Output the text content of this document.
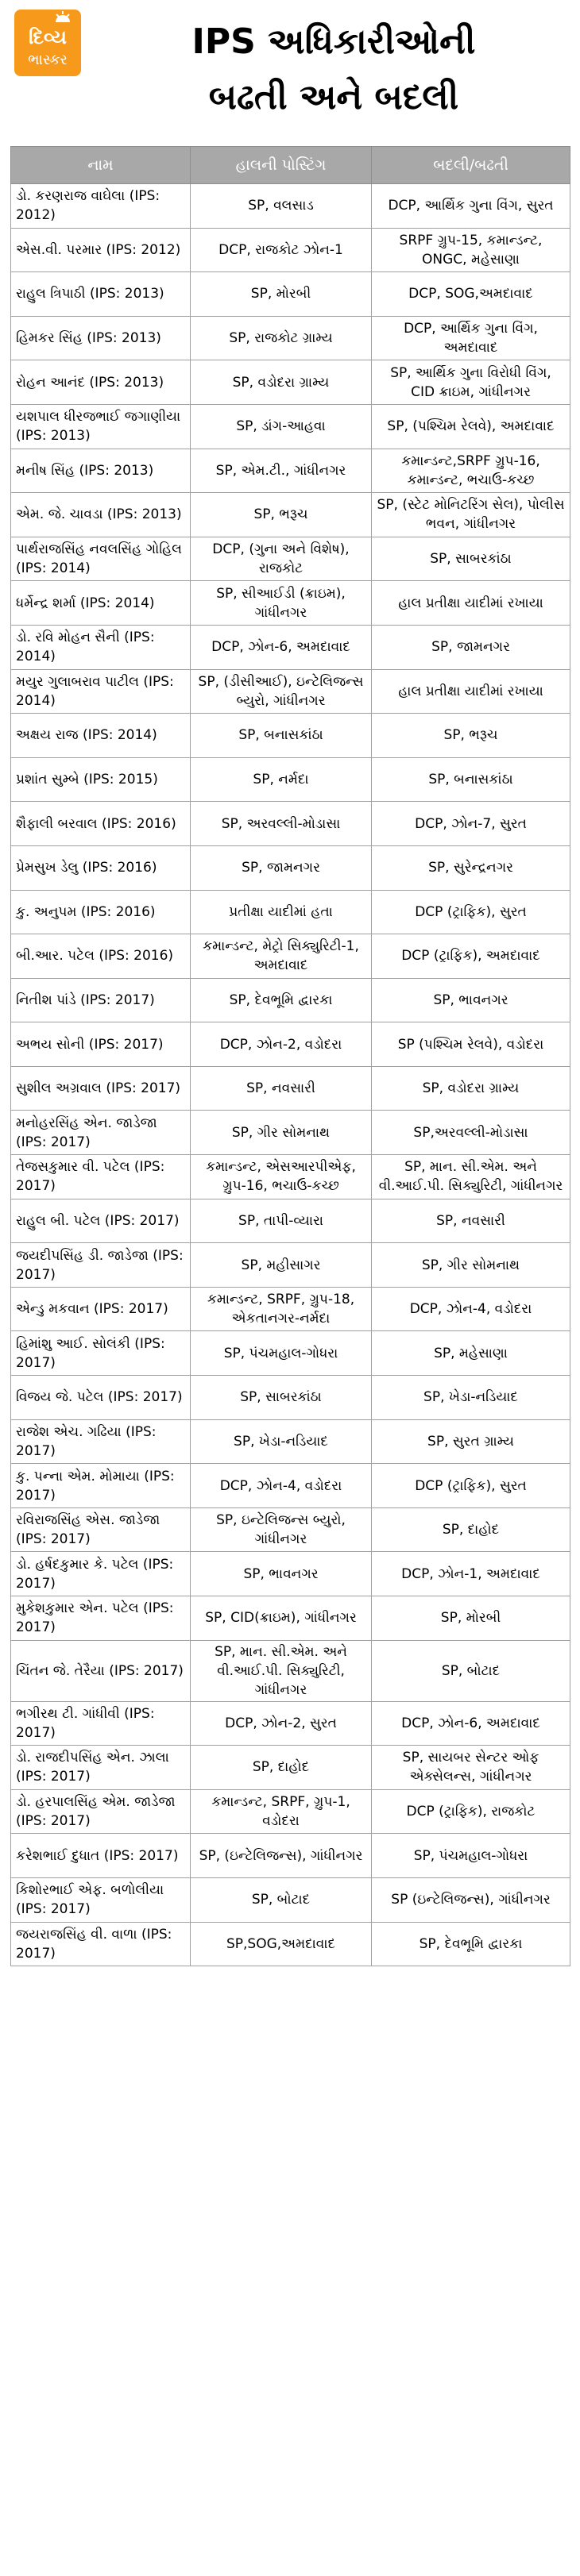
દિવ્ય
ભાસ્કર	IPS અધિકારીઓની
બઢતી અને બદલી
નામ	હાલની પોસ્ટિંગ	બદલી/બઢતી
ડો. કરણરાજ વાઘેલા (IPS: 2012)	SP, વલસાડ	DCP, આર્થિક ગુના વિંગ, સુરત
એસ.વી. પરમાર (IPS: 2012)	DCP, રાજકોટ ઝોન-1	SRPF ગ્રુપ-15, કમાન્ડન્ટ, ONGC, મહેસાણા
રાહુલ ત્રિપાઠી (IPS: 2013)	SP, મોરબી	DCP, SOG,અમદાવાદ
હિમકર સિંહ (IPS: 2013)	SP, રાજકોટ ગ્રામ્ય	DCP, આર્થિક ગુના વિંગ, અમદાવાદ
રોહન આનંદ (IPS: 2013)	SP, વડોદરા ગ્રામ્ય	SP, આર્થિક ગુના વિરોધી વિંગ, CID ક્રાઇમ, ગાંધીનગર
યશપાલ ધીરજભાઈ જગાણીયા (IPS: 2013)	SP, ડાંગ-આહવા	SP, (પશ્ચિમ રેલવે), અમદાવાદ
મનીષ સિંહ (IPS: 2013)	SP, એમ.ટી., ગાંધીનગર	કમાન્ડન્ટ,SRPF ગ્રુપ-16, કમાન્ડન્ટ, ભચાઉ-કચ્છ
એમ. જે. ચાવડા (IPS: 2013)	SP, ભરૂચ	SP, (સ્ટેટ મોનિટરિંગ સેલ), પોલીસ ભવન, ગાંધીનગર
પાર્થરાજસિંહ નવલસિંહ ગોહિલ (IPS: 2014)	DCP, (ગુના અને વિશેષ), રાજકોટ	SP, સાબરકાંઠા
ધર્મેન્દ્ર શર્મા (IPS: 2014)	SP, સીઆઈડી (ક્રાઇમ), ગાંધીનગર	હાલ પ્રતીક્ષા યાદીમાં રખાયા
ડો. રવિ મોહન સૈની (IPS: 2014)	DCP, ઝોન-6, અમદાવાદ	SP, જામનગર
મયુર ગુલાબરાવ પાટીલ (IPS: 2014)	SP, (ડીસીઆઈ), ઇન્ટેલિજન્સ બ્યુરો, ગાંધીનગર	હાલ પ્રતીક્ષા યાદીમાં રખાયા
અક્ષય રાજ (IPS: 2014)	SP, બનાસકાંઠા	SP, ભરૂચ
પ્રશાંત સુમ્બે (IPS: 2015)	SP, નર્મદા	SP, બનાસકાંઠા
શૈફાલી બરવાલ (IPS: 2016)	SP, અરવલ્લી-મોડાસા	DCP, ઝોન-7, સુરત
પ્રેમસુખ ડેલુ (IPS: 2016)	SP, જામનગર	SP, સુરેન્દ્રનગર
કુ. અનુપમ (IPS: 2016)	પ્રતીક્ષા યાદીમાં હતા	DCP (ટ્રાફિક), સુરત
બી.આર. પટેલ (IPS: 2016)	કમાન્ડન્ટ, મેટ્રો સિક્યુરિટી-1, અમદાવાદ	DCP (ટ્રાફિક), અમદાવાદ
નિતીશ પાંડે (IPS: 2017)	SP, દેવભૂમિ દ્વારકા	SP, ભાવનગર
અભય સોની (IPS: 2017)	DCP, ઝોન-2, વડોદરા	SP (પશ્ચિમ રેલવે), વડોદરા
સુશીલ અગ્રવાલ (IPS: 2017)	SP, નવસારી	SP, વડોદરા ગ્રામ્ય
મનોહરસિંહ એન. જાડેજા (IPS: 2017)	SP, ગીર સોમનાથ	SP,અરવલ્લી-મોડાસા
તેજસકુમાર વી. પટેલ (IPS: 2017)	કમાન્ડન્ટ, એસઆરપીએફ, ગ્રુપ-16, ભચાઉ-કચ્છ	SP, માન. સી.એમ. અને વી.આઈ.પી. સિક્યુરિટી, ગાંધીનગર
રાહુલ બી. પટેલ (IPS: 2017)	SP, તાપી-વ્યારા	SP, નવસારી
જયદીપસિંહ ડી. જાડેજા (IPS: 2017)	SP, મહીસાગર	SP, ગીર સોમનાથ
એન્ડુ મકવાન (IPS: 2017)	કમાન્ડન્ટ, SRPF, ગ્રુપ-18, એકતાનગર-નર્મદા	DCP, ઝોન-4, વડોદરા
હિમાંશુ આઈ. સોલંકી (IPS: 2017)	SP, પંચમહાલ-ગોધરા	SP, મહેસાણા
વિજય જે. પટેલ (IPS: 2017)	SP, સાબરકાંઠા	SP, ખેડા-નડિયાદ
રાજેશ એચ. ગઢિયા (IPS: 2017)	SP, ખેડા-નડિયાદ	SP, સુરત ગ્રામ્ય
કુ. પન્ના એમ. મોમાયા (IPS: 2017)	DCP, ઝોન-4, વડોદરા	DCP (ટ્રાફિક), સુરત
રવિરાજસિંહ એસ. જાડેજા (IPS: 2017)	SP, ઇન્ટેલિજન્સ બ્યુરો, ગાંધીનગર	SP, દાહોદ
ડો. હર્ષદકુમાર કે. પટેલ (IPS: 2017)	SP, ભાવનગર	DCP, ઝોન-1, અમદાવાદ
મુકેશકુમાર એન. પટેલ (IPS: 2017)	SP, CID(ક્રાઇમ), ગાંધીનગર	SP, મોરબી
ચિંતન જે. તેરૈયા (IPS: 2017)	SP, માન. સી.એમ. અને વી.આઈ.પી. સિક્યુરિટી, ગાંધીનગર	SP, બોટાદ
ભગીરથ ટી. ગાંધીવી (IPS: 2017)	DCP, ઝોન-2, સુરત	DCP, ઝોન-6, અમદાવાદ
ડો. રાજદીપસિંહ એન. ઝાલા (IPS: 2017)	SP, દાહોદ	SP, સાયબર સેન્ટર ઓફ એક્સેલન્સ, ગાંધીનગર
ડો. હરપાલસિંહ એમ. જાડેજા (IPS: 2017)	કમાન્ડન્ટ, SRPF, ગ્રુપ-1, વડોદરા	DCP (ટ્રાફિક), રાજકોટ
કરેશભાઈ દુધાત (IPS: 2017)	SP, (ઇન્ટેલિજન્સ), ગાંધીનગર	SP, પંચમહાલ-ગોધરા
કિશોરભાઈ એફ. બળોલીયા (IPS: 2017)	SP, બોટાદ	SP (ઇન્ટેલિજન્સ), ગાંધીનગર
જયરાજસિંહ વી. વાળા (IPS: 2017)	SP,SOG,અમદાવાદ	SP, દેવભૂમિ દ્વારકા
